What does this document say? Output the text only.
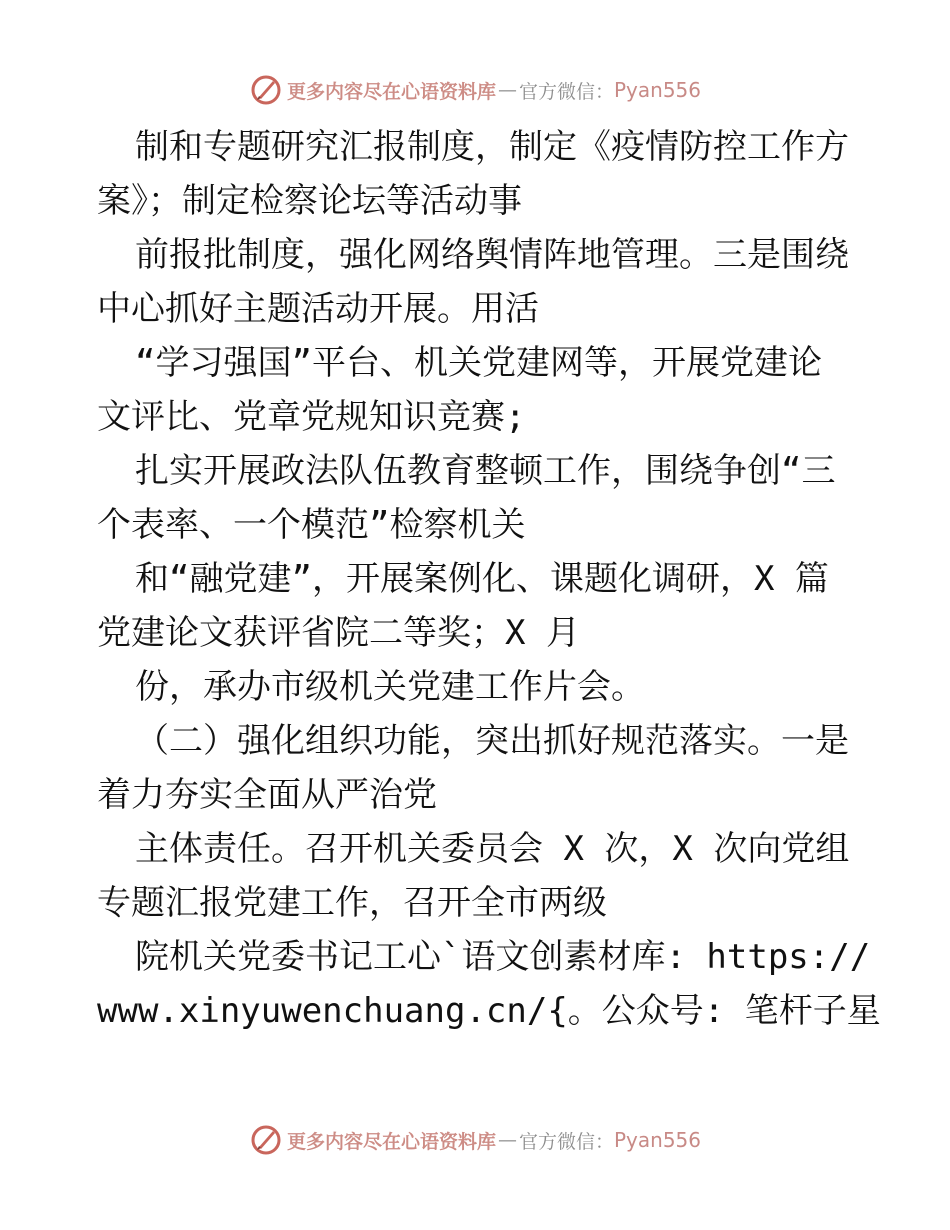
更多内容尽在心语资料库 — 官方微信： Pyan556
制和专题研究汇报制度，制定《疫情防控工作方
案》；制定检察论坛等活动事
前报批制度，强化网络舆情阵地管理。三是围绕
中心抓好主题活动开展。用活
“学习强国”平台、机关党建网等，开展党建论
文评比、党章党规知识竞赛;
扎实开展政法队伍教育整顿工作，围绕争创“三
个表率、一个模范”检察机关
和“融党建”，开展案例化、课题化调研，X 篇
党建论文获评省院二等奖；X 月
份，承办市级机关党建工作片会。
（二）强化组织功能，突出抓好规范落实。一是
着力夯实全面从严治党
主体责任。召开机关委员会 X 次，X 次向党组
专题汇报党建工作，召开全市两级
院机关党委书记工心`语文创素材库: https://
www.xinyuwenchuang.cn/{。公众号: 笔杆子星
更多内容尽在心语资料库 — 官方微信： Pyan556
